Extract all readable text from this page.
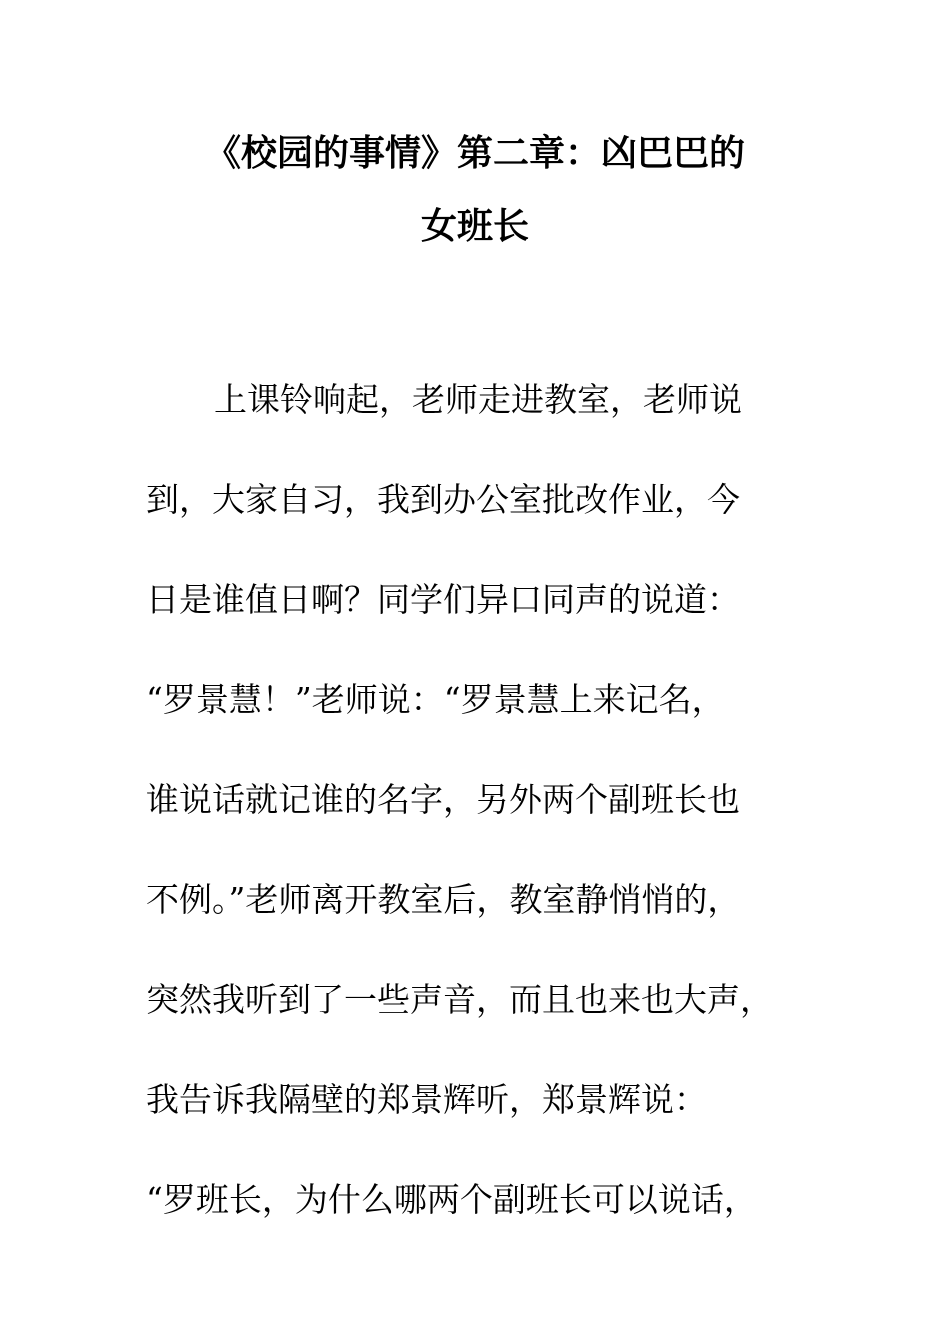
《校园的事情》第二章：凶巴巴的
女班长

上课铃响起，老师走进教室，老师说

到，大家自习，我到办公室批改作业，今

日是谁值日啊？同学们异口同声的说道：

“罗景慧！”老师说：“罗景慧上来记名，

谁说话就记谁的名字，另外两个副班长也

不例。”老师离开教室后，教室静悄悄的，

突然我听到了一些声音，而且也来也大声，

我告诉我隔壁的郑景辉听，郑景辉说：

“罗班长，为什么哪两个副班长可以说话，
